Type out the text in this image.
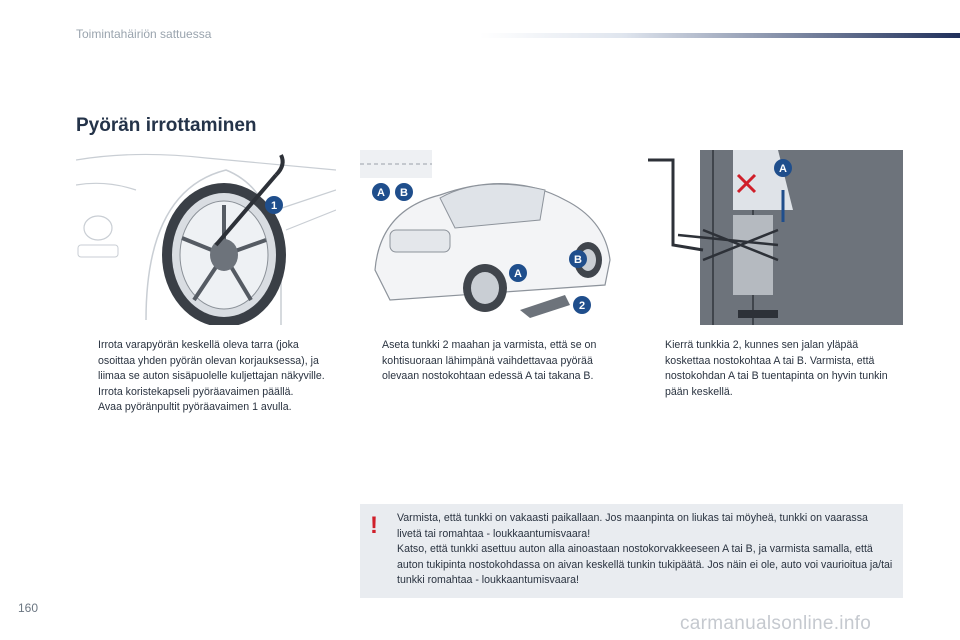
Toimintahäiriön sattuessa
Pyörän irrottaminen
1
A B
A
B
2
A

Irrota varapyörän keskellä oleva tarra (joka osoittaa yhden pyörän olevan korjauksessa), ja liimaa se auton sisäpuolelle kuljettajan näkyville.

Irrota koristekapseli pyöräavaimen päällä.

Avaa pyöränpultit pyöräavaimen 1 avulla.

Aseta tunkki 2 maahan ja varmista, että se on kohtisuoraan lähimpänä vaihdettavaa pyörää olevaan nostokohtaan edessä A tai takana B.

Kierrä tunkkia 2, kunnes sen jalan yläpää koskettaa nostokohtaa A tai B. Varmista, että nostokohdan A tai B tuentapinta on hyvin tunkin pään keskellä.

! Varmista, että tunkki on vakaasti paikallaan. Jos maanpinta on liukas tai möyheä, tunkki on vaarassa livetä tai romahtaa - loukkaantumisvaara!
Katso, että tunkki asettuu auton alla ainoastaan nostokorvakkeeseen A tai B, ja varmista samalla, että auton tukipinta nostokohdassa on aivan keskellä tunkin tukipäätä. Jos näin ei ole, auto voi vaurioitua ja/tai tunkki romahtaa - loukkaantumisvaara!

160
carmanualsonline.info
